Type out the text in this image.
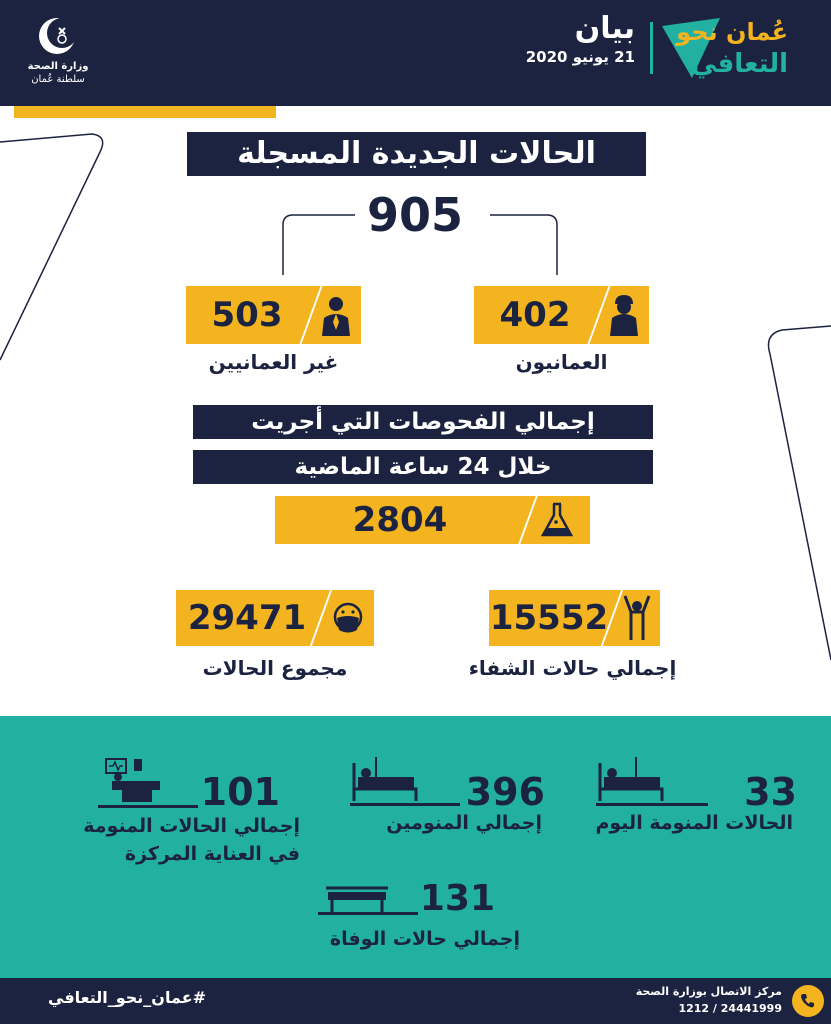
وزارة الصحة
سلطنة عُمان
بيان
21 يونيو 2020
عُمان نحو
التعافي
الحالات الجديدة المسجلة
905
503
غير العمانيين
402
العمانيون
إجمالي الفحوصات التي أجريت
خلال 24 ساعة الماضية
2804
29471
مجموع الحالات
15552
إجمالي حالات الشفاء
33
الحالات المنومة اليوم
396
إجمالي المنومين
101
إجمالي الحالات المنومة
في العناية المركزة
131
إجمالي حالات الوفاة
#عمان_نحو_التعافي	مركز الاتصال بوزارة الصحة
1212 / 24441999
